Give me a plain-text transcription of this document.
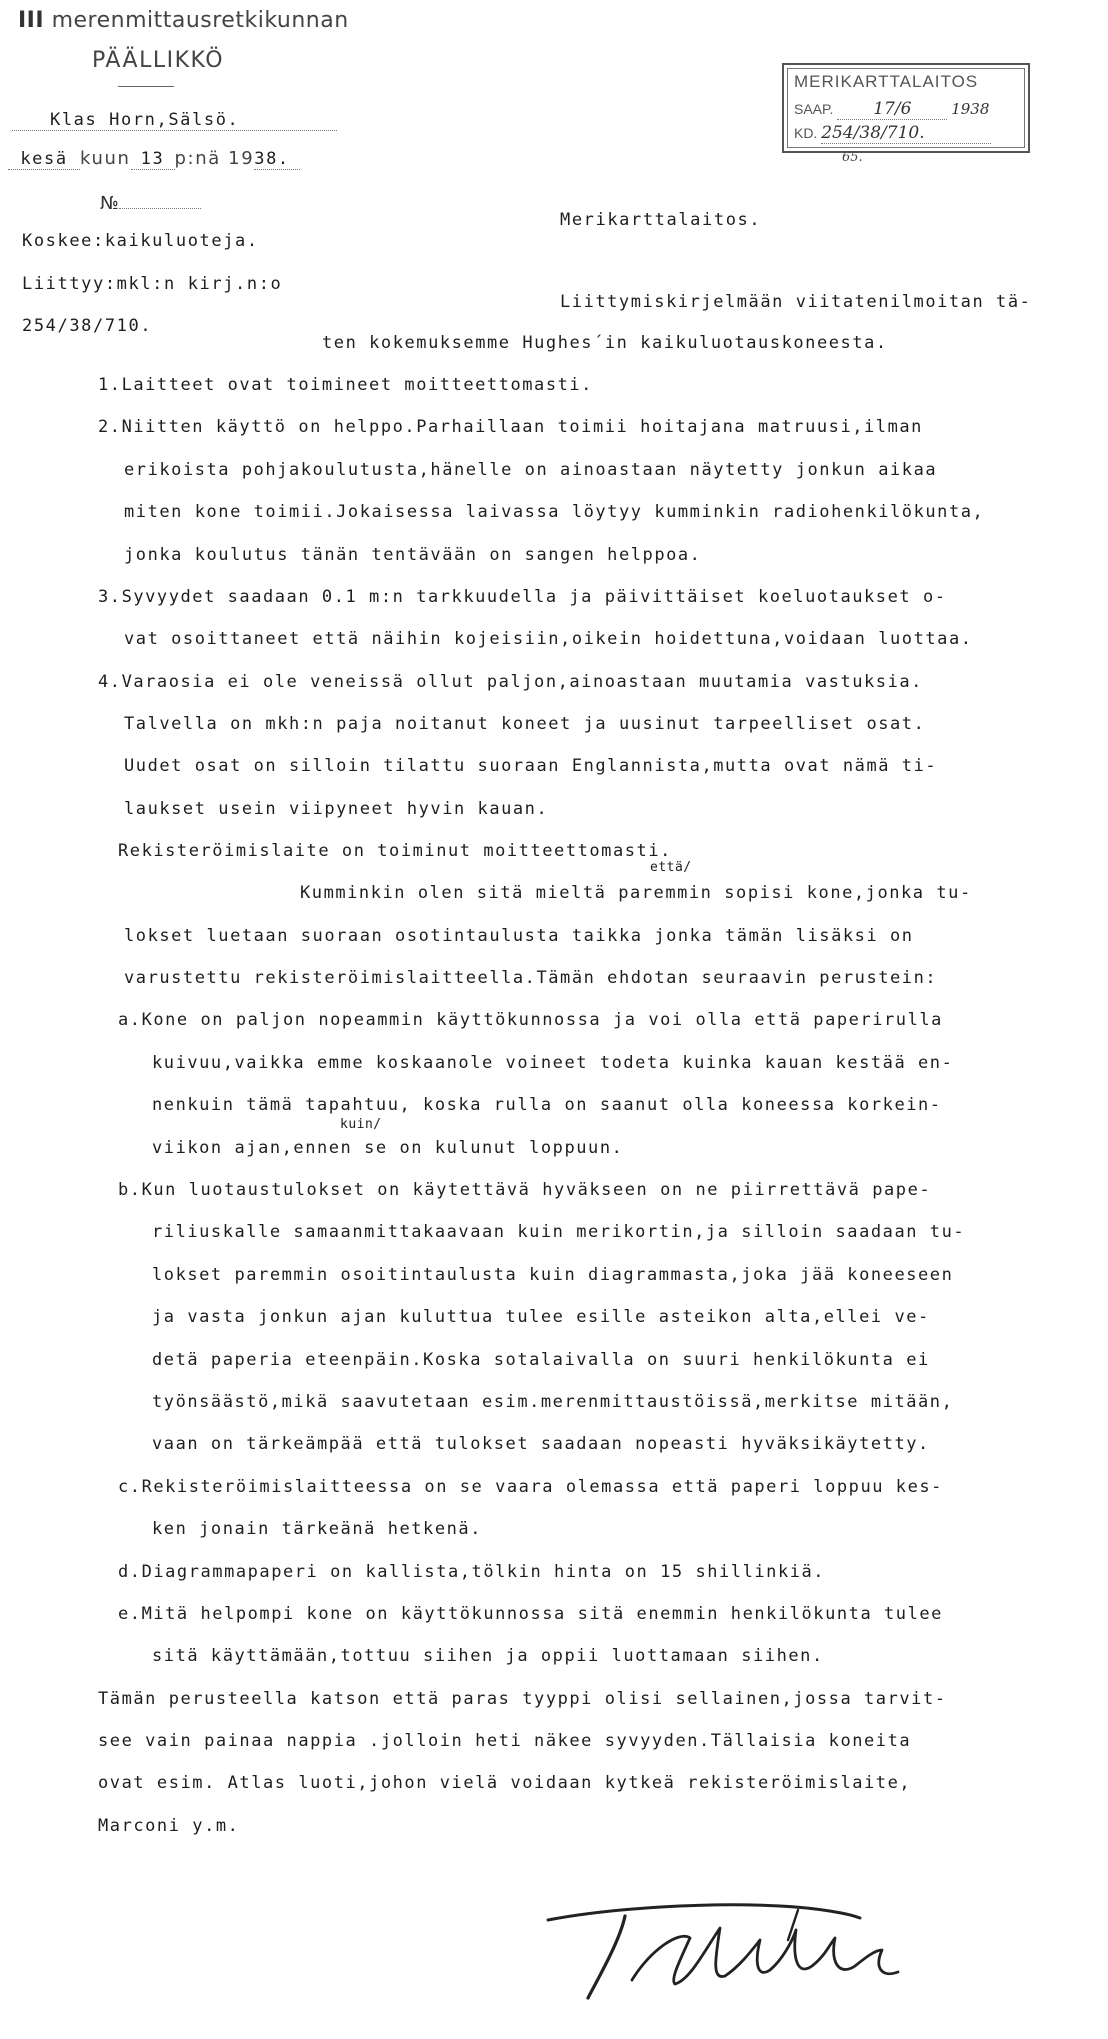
III merenmittausretkikunnan
PÄÄLLIKKÖ
Klas Horn,Sälsö.
kesä kuun 13 p:nä 1938.
№
MERIKARTTALAITOS
SAAP. 17/6	1938
KD. 254/38/710.
65.
Merikarttalaitos.
Koskee:kaikuluoteja.
Liittyy:mkl:n kirj.n:o
254/38/710.
Liittymiskirjelmään viitatenilmoitan tä-
ten kokemuksemme Hughes´in kaikuluotauskoneesta.
1.Laitteet ovat toimineet moitteettomasti.
2.Niitten käyttö on helppo.Parhaillaan toimii hoitajana matruusi,ilman
erikoista pohjakoulutusta,hänelle on ainoastaan näytetty jonkun aikaa
miten kone toimii.Jokaisessa laivassa löytyy kumminkin radiohenkilökunta,
jonka koulutus tänän tentävään on sangen helppoa.
3.Syvyydet saadaan 0.1 m:n tarkkuudella ja päivittäiset koeluotaukset o-
vat osoittaneet että näihin kojeisiin,oikein hoidettuna,voidaan luottaa.
4.Varaosia ei ole veneissä ollut paljon,ainoastaan muutamia vastuksia.
Talvella on mkh:n paja noitanut koneet ja uusinut tarpeelliset osat.
Uudet osat on silloin tilattu suoraan Englannista,mutta ovat nämä ti-
laukset usein viipyneet hyvin kauan.
Rekisteröimislaite on toiminut moitteettomasti.
että/
Kumminkin olen sitä mieltä paremmin sopisi kone,jonka tu-
lokset luetaan suoraan osotintaulusta taikka jonka tämän lisäksi on
varustettu rekisteröimislaitteella.Tämän ehdotan seuraavin perustein:
a.Kone on paljon nopeammin käyttökunnossa ja voi olla että paperirulla
kuivuu,vaikka emme koskaanole voineet todeta kuinka kauan kestää en-
nenkuin tämä tapahtuu, koska rulla on saanut olla koneessa korkein-
kuin/
viikon ajan,ennen se on kulunut loppuun.
b.Kun luotaustulokset on käytettävä hyväkseen on ne piirrettävä pape-
riliuskalle samaanmittakaavaan kuin merikortin,ja silloin saadaan tu-
lokset paremmin osoitintaulusta kuin diagrammasta,joka jää koneeseen
ja vasta jonkun ajan kuluttua tulee esille asteikon alta,ellei ve-
detä paperia eteenpäin.Koska sotalaivalla on suuri henkilökunta ei
työnsäästö,mikä saavutetaan esim.merenmittaustöissä,merkitse mitään,
vaan on tärkeämpää että tulokset saadaan nopeasti hyväksikäytetty.
c.Rekisteröimislaitteessa on se vaara olemassa että paperi loppuu kes-
ken jonain tärkeänä hetkenä.
d.Diagrammapaperi on kallista,tölkin hinta on 15 shillinkiä.
e.Mitä helpompi kone on käyttökunnossa sitä enemmin henkilökunta tulee
sitä käyttämään,tottuu siihen ja oppii luottamaan siihen.
Tämän perusteella katson että paras tyyppi olisi sellainen,jossa tarvit-
see vain painaa nappia .jolloin heti näkee syvyyden.Tällaisia koneita
ovat esim. Atlas luoti,johon vielä voidaan kytkeä rekisteröimislaite,
Marconi y.m.
